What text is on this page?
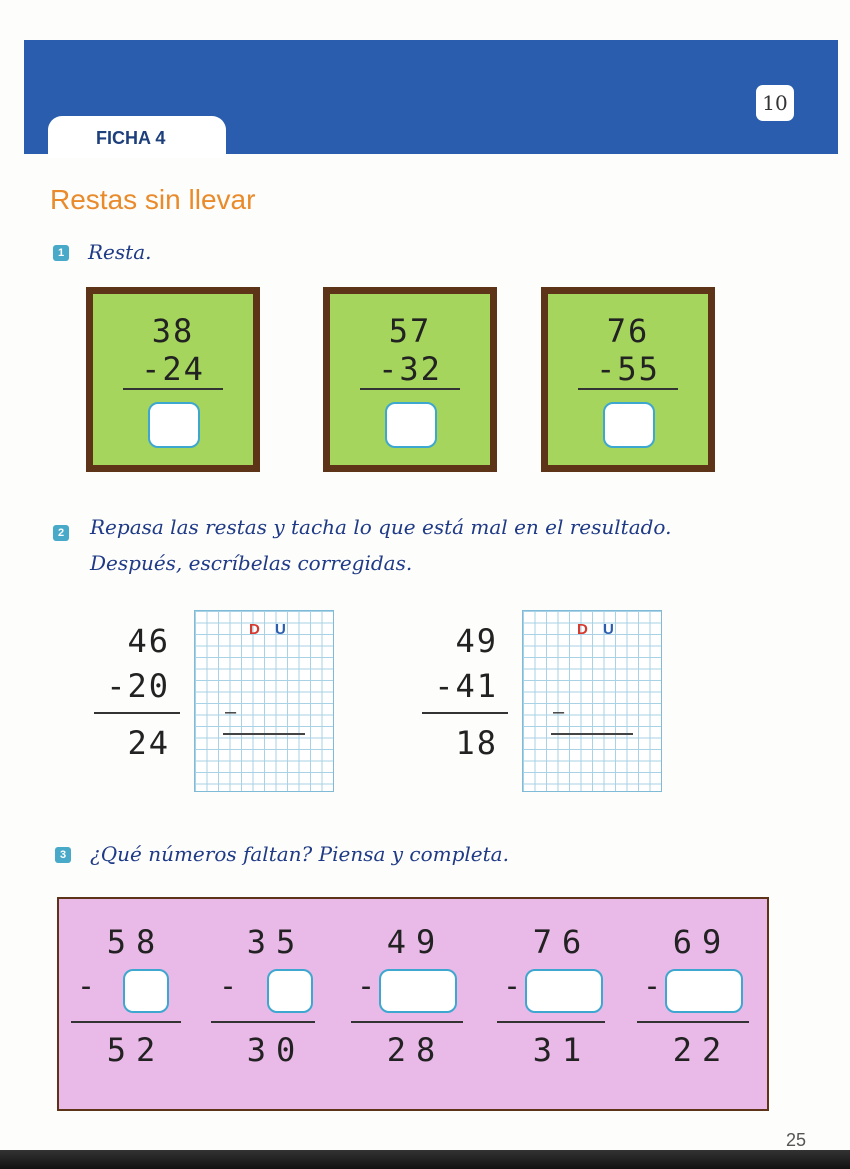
10
FICHA 4
Restas sin llevar
1 Resta.
38
-24
57
-32
76
-55
2 Repasa las restas y tacha lo que está mal en el resultado.
Después, escríbelas corregidas.
46
-20
24
D U
–
49
-41
18
D U
–
3 ¿Qué números faltan? Piensa y completa.
58
-
52
35
-
30
49
-
28
76
-
31
69
-
22
25
